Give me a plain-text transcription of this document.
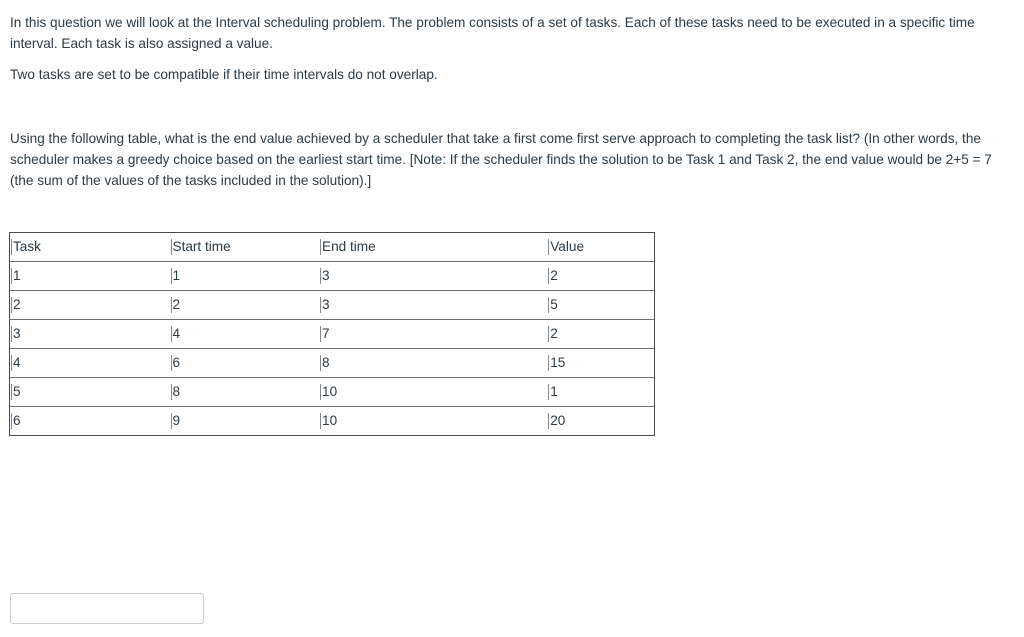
In this question we will look at the Interval scheduling problem. The problem consists of a set of tasks. Each of these tasks need to be executed in a specific time interval. Each task is also assigned a value.

Two tasks are set to be compatible if their time intervals do not overlap.

Using the following table, what is the end value achieved by a scheduler that take a first come first serve approach to completing the task list? (In other words, the scheduler makes a greedy choice based on the earliest start time. [Note: If the scheduler finds the solution to be Task 1 and Task 2, the end value would be 2+5 = 7 (the sum of the values of the tasks included in the solution).]

Task	Start time	End time	Value
1	1	3	2
2	2	3	5
3	4	7	2
4	6	8	15
5	8	10	1
6	9	10	20
